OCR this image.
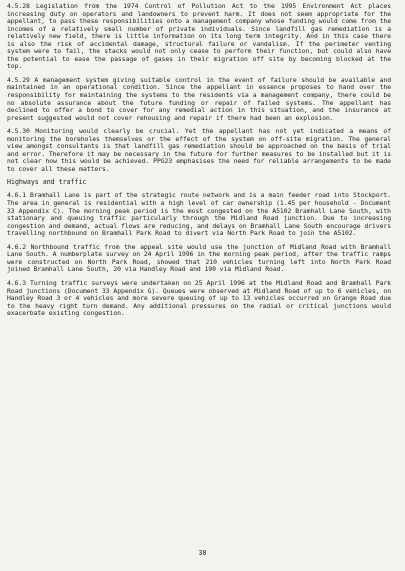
4.5.28 Legislation from the 1974 Control of Pollution Act to the 1995 Environment Act places increasing duty on operators and landowners to prevent harm. It does not seem appropriate for the appellant, to pass these responsibilities onto a management company whose funding would come from the incomes of a relatively small number of private individuals. Since landfill gas remediation is a relatively new field, there is little information on its long term integrity. And in this case there is also the risk of accidental damage, structural failure or vandalism. If the perimeter venting system were to fail, the stacks would not only cease to perform their function, but could also have the potential to ease the passage of gases in their migration off site by becoming blocked at the top.

4.5.29 A management system giving suitable control in the event of failure should be available and maintained in an operational condition. Since the appellant in essence proposes to hand over the responsibility for maintaining the systems to the residents via a management company, there could be no absolute assurance about the future funding or repair of failed systems. The appellant has declined to offer a bond to cover for any remedial action in this situation, and the insurance at present suggested would not cover rehousing and repair if there had been an explosion.

4.5.30 Monitoring would clearly be crucial. Yet the appellant has not yet indicated a means of monitoring the boreholes themselves or the effect of the system on off-site migration. The general view amongst consultants is that landfill gas remediation should be approached on the basis of trial and error. Therefore it may be necessary in the future for further measures to be installed but it is not clear how this would be achieved. PPG23 emphasises the need for reliable arrangements to be made to cover all these matters.

Highways and traffic

4.6.1 Bramhall Lane is part of the strategic route network and is a main feeder road into Stockport. The area in general is residential with a high level of car ownership (1.45 per household - Document 33 Appendix C). The morning peak period is the most congested on the A5102 Bramhall Lane South, with stationary and queuing traffic particularly through the Midland Road junction. Due to increasing congestion and demand, actual flows are reducing, and delays on Bramhall Lane South encourage drivers travelling northbound on Bramhall Park Road to divert via North Park Road to join the A5102.

4.6.2 Northbound traffic from the appeal site would use the junction of Midland Road with Bramhall Lane South. A numberplate survey on 24 April 1996 in the morning peak period, after the traffic ramps were constructed on North Park Road, showed that 210 vehicles turning left into North Park Road joined Bramhall Lane South, 20 via Handley Road and 190 via Midland Road.

4.6.3 Turning traffic surveys were undertaken on 25 April 1996 at the Midland Road and Bramhall Park Road junctions (Document 33 Appendix G). Queues were observed at Midland Road of up to 6 vehicles, on Handley Road 3 or 4 vehicles and more severe queuing of up to 13 vehicles occurred on Grange Road due to the heavy right turn demand. Any additional pressures on the radial or critical junctions would exacerbate existing congestion.

38
